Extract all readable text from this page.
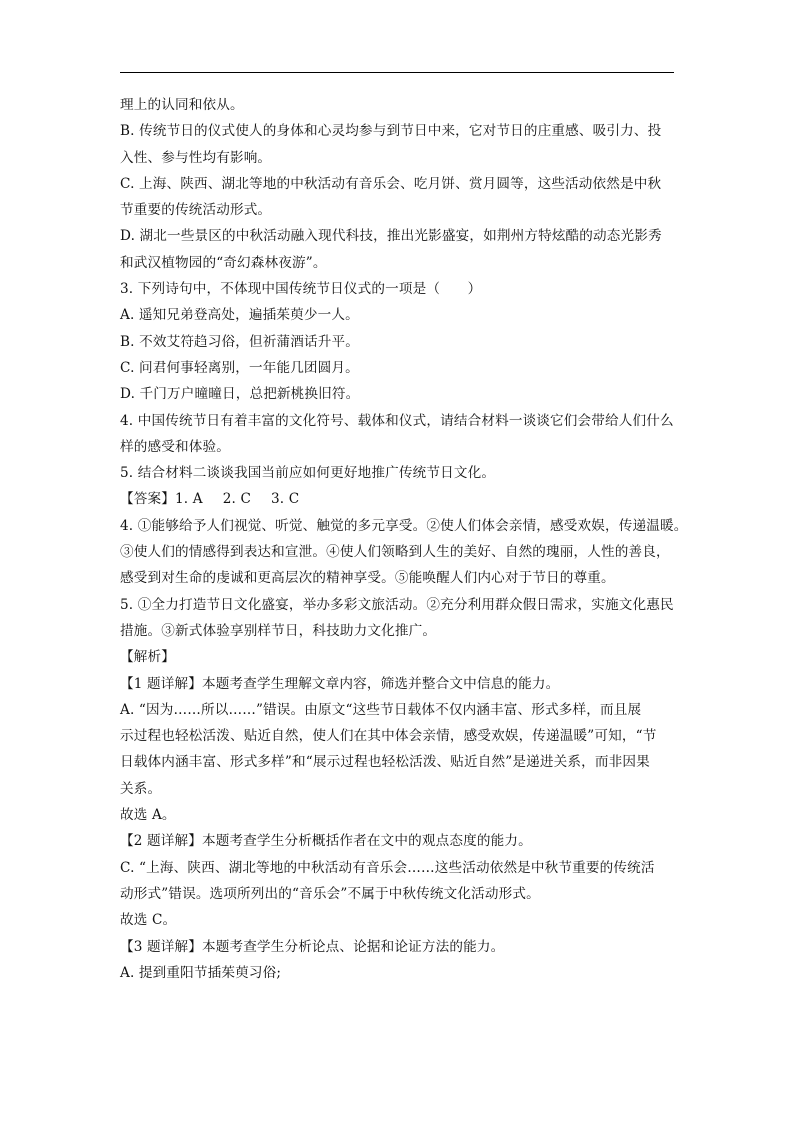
理上的认同和依从。
B. 传统节日的仪式使人的身体和心灵均参与到节日中来，它对节日的庄重感、吸引力、投
入性、参与性均有影响。
C. 上海、陕西、湖北等地的中秋活动有音乐会、吃月饼、赏月圆等，这些活动依然是中秋
节重要的传统活动形式。
D. 湖北一些景区的中秋活动融入现代科技，推出光影盛宴，如荆州方特炫酷的动态光影秀
和武汉植物园的“奇幻森林夜游”。
3. 下列诗句中，不体现中国传统节日仪式的一项是（　　）
A. 遥知兄弟登高处，遍插茱萸少一人。
B. 不效艾符趋习俗，但祈蒲酒话升平。
C. 问君何事轻离别，一年能几团圆月。
D. 千门万户曈曈日，总把新桃换旧符。
4. 中国传统节日有着丰富的文化符号、载体和仪式，请结合材料一谈谈它们会带给人们什么
样的感受和体验。
5. 结合材料二谈谈我国当前应如何更好地推广传统节日文化。
【答案】1. A 2. C 3. C
4. ①能够给予人们视觉、听觉、触觉的多元享受。②使人们体会亲情，感受欢娱，传递温暖。
③使人们的情感得到表达和宣泄。④使人们领略到人生的美好、自然的瑰丽，人性的善良，
感受到对生命的虔诚和更高层次的精神享受。⑤能唤醒人们内心对于节日的尊重。
5. ①全力打造节日文化盛宴，举办多彩文旅活动。②充分利用群众假日需求，实施文化惠民
措施。③新式体验享别样节日，科技助力文化推广。
【解析】
【1 题详解】本题考查学生理解文章内容，筛选并整合文中信息的能力。
A. “因为……所以……”错误。由原文“这些节日载体不仅内涵丰富、形式多样，而且展
示过程也轻松活泼、贴近自然，使人们在其中体会亲情，感受欢娱，传递温暖”可知，“节
日载体内涵丰富、形式多样”和“展示过程也轻松活泼、贴近自然”是递进关系，而非因果
关系。
故选 A。
【2 题详解】本题考查学生分析概括作者在文中的观点态度的能力。
C. “上海、陕西、湖北等地的中秋活动有音乐会……这些活动依然是中秋节重要的传统活
动形式”错误。选项所列出的“音乐会”不属于中秋传统文化活动形式。
故选 C。
【3 题详解】本题考查学生分析论点、论据和论证方法的能力。
A. 提到重阳节插茱萸习俗;
